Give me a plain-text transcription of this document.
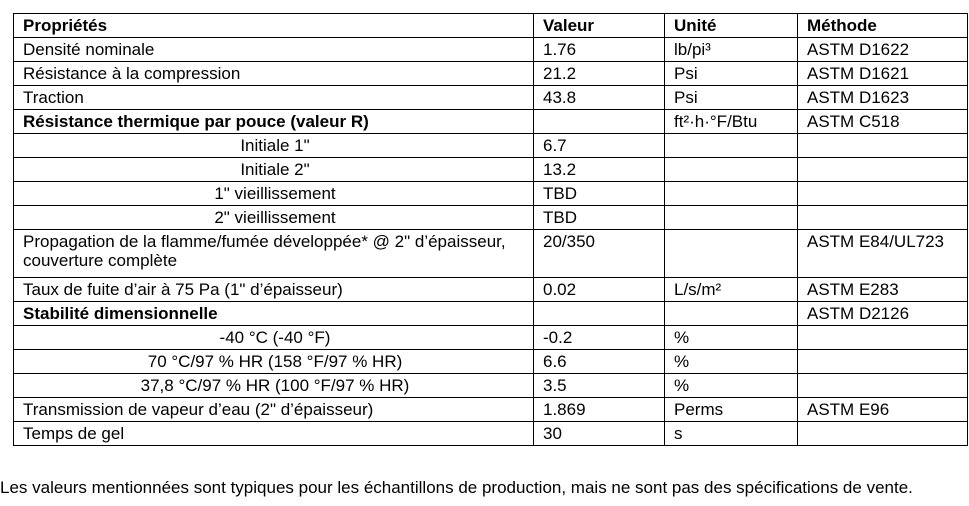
Propriétés	Valeur	Unité	Méthode
Densité nominale	1.76	lb/pi³	ASTM D1622
Résistance à la compression	21.2	Psi	ASTM D1621
Traction	43.8	Psi	ASTM D1623
Résistance thermique par pouce (valeur R)		ft²·h·°F/Btu	ASTM C518
Initiale 1"	6.7		
Initiale 2"	13.2		
1" vieillissement	TBD		
2" vieillissement	TBD		
Propagation de la flamme/fumée développée* @ 2" d’épaisseur, couverture complète	20/350		ASTM E84/UL723
Taux de fuite d’air à 75 Pa (1" d’épaisseur)	0.02	L/s/m²	ASTM E283
Stabilité dimensionnelle			ASTM D2126
-40 °C (-40 °F)	-0.2	%	
70 °C/97 % HR (158 °F/97 % HR)	6.6	%	
37,8 °C/97 % HR (100 °F/97 % HR)	3.5	%	
Transmission de vapeur d’eau (2" d’épaisseur)	1.869	Perms	ASTM E96
Temps de gel	30	s	

Les valeurs mentionnées sont typiques pour les échantillons de production, mais ne sont pas des spécifications de vente.
